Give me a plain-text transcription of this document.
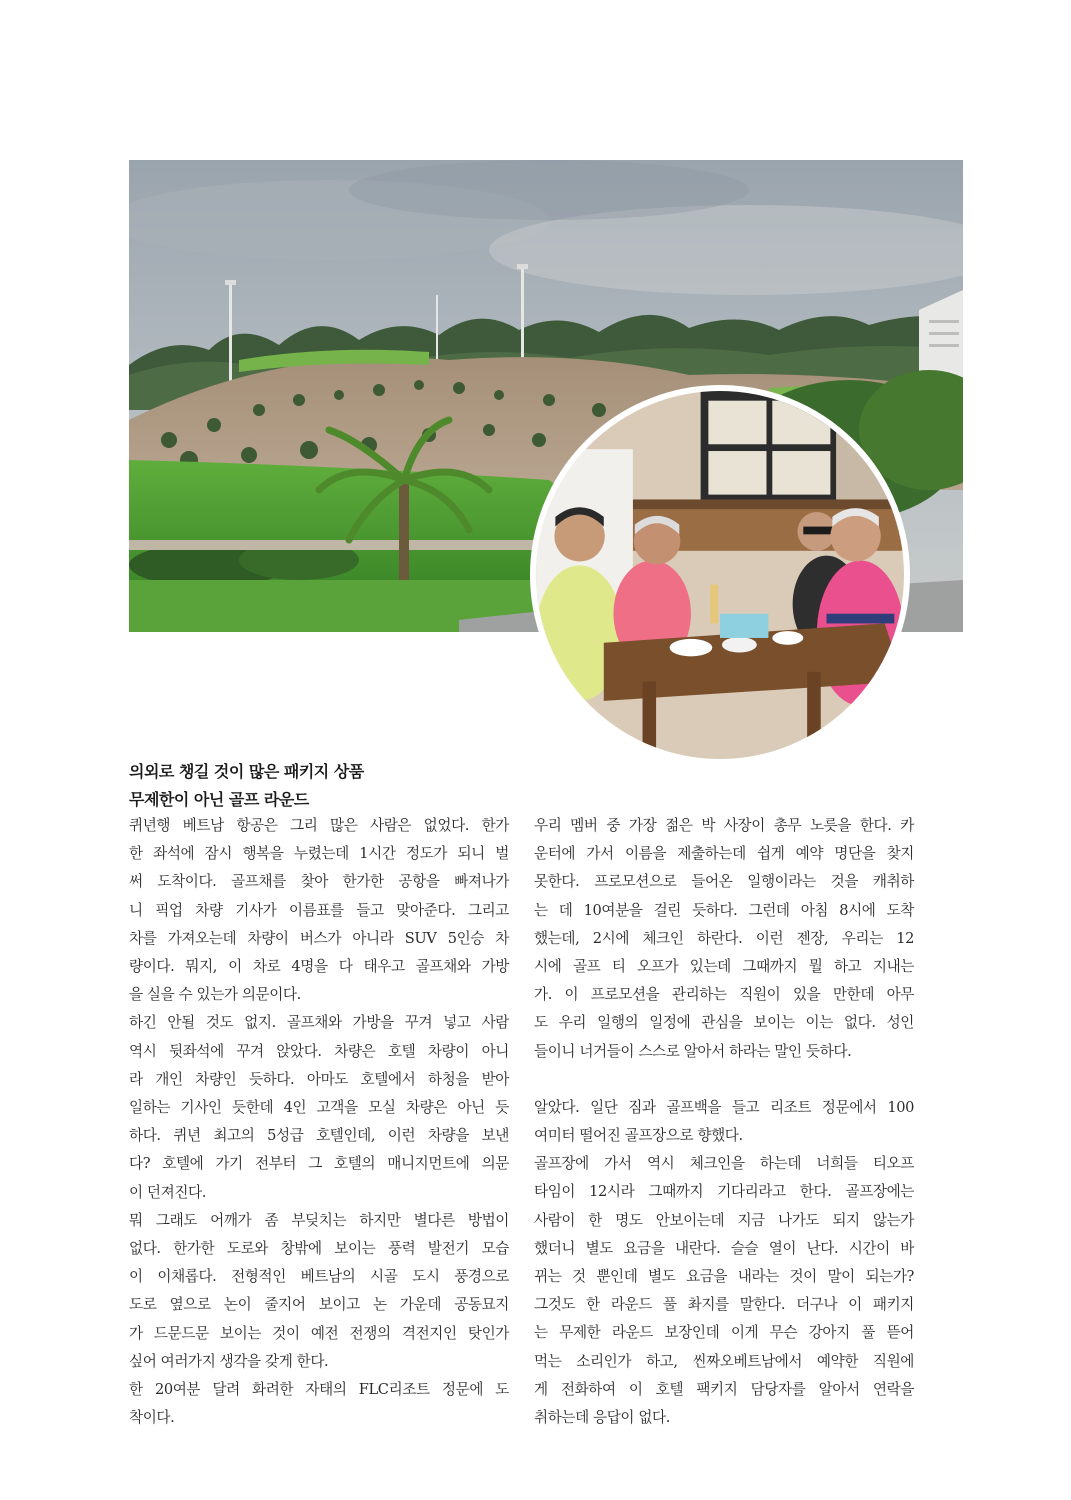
의외로 챙길 것이 많은 패키지 상품
무제한이 아닌 골프 라운드

퀴년행 베트남 항공은 그리 많은 사람은 없었다. 한가
한 좌석에 잠시 행복을 누렸는데 1시간 정도가 되니 벌
써 도착이다. 골프채를 찾아 한가한 공항을 빠져나가
니 픽업 차량 기사가 이름표를 들고 맞아준다. 그리고
차를 가져오는데 차량이 버스가 아니라 SUV 5인승 차
량이다. 뭐지, 이 차로 4명을 다 태우고 골프채와 가방
을 실을 수 있는가 의문이다.

하긴 안될 것도 없지. 골프채와 가방을 꾸겨 넣고 사람
역시 뒷좌석에 꾸겨 앉았다. 차량은 호텔 차량이 아니
라 개인 차량인 듯하다. 아마도 호텔에서 하청을 받아
일하는 기사인 듯한데 4인 고객을 모실 차량은 아닌 듯
하다. 퀴년 최고의 5성급 호텔인데, 이런 차량을 보낸
다? 호텔에 가기 전부터 그 호텔의 매니지먼트에 의문
이 던져진다.

뭐 그래도 어깨가 좀 부딪치는 하지만 별다른 방법이
없다. 한가한 도로와 창밖에 보이는 풍력 발전기 모습
이 이채롭다. 전형적인 베트남의 시골 도시 풍경으로
도로 옆으로 논이 줄지어 보이고 논 가운데 공동묘지
가 드문드문 보이는 것이 예전 전쟁의 격전지인 탓인가
싶어 여러가지 생각을 갖게 한다.

한 20여분 달려 화려한 자태의 FLC리조트 정문에 도
착이다.

우리 멤버 중 가장 젊은 박 사장이 총무 노릇을 한다. 카
운터에 가서 이름을 제출하는데 쉽게 예약 명단을 찾지
못한다. 프로모션으로 들어온 일행이라는 것을 캐취하
는 데 10여분을 걸린 듯하다. 그런데 아침 8시에 도착
했는데, 2시에 체크인 하란다. 이런 젠장, 우리는 12
시에 골프 티 오프가 있는데 그때까지 뭘 하고 지내는
가. 이 프로모션을 관리하는 직원이 있을 만한데 아무
도 우리 일행의 일정에 관심을 보이는 이는 없다. 성인
들이니 너거들이 스스로 알아서 하라는 말인 듯하다.

알았다. 일단 짐과 골프백을 들고 리조트 정문에서 100
여미터 떨어진 골프장으로 향했다.

골프장에 가서 역시 체크인을 하는데 너희들 티오프
타임이 12시라 그때까지 기다리라고 한다. 골프장에는
사람이 한 명도 안보이는데 지금 나가도 되지 않는가
했더니 별도 요금을 내란다. 슬슬 열이 난다. 시간이 바
뀌는 것 뿐인데 별도 요금을 내라는 것이 말이 되는가?
그것도 한 라운드 풀 촤지를 말한다. 더구나 이 패키지
는 무제한 라운드 보장인데 이게 무슨 강아지 풀 뜯어
먹는 소리인가 하고, 씬짜오베트남에서 예약한 직원에
게 전화하여 이 호텔 팩키지 담당자를 알아서 연락을
취하는데 응답이 없다.
